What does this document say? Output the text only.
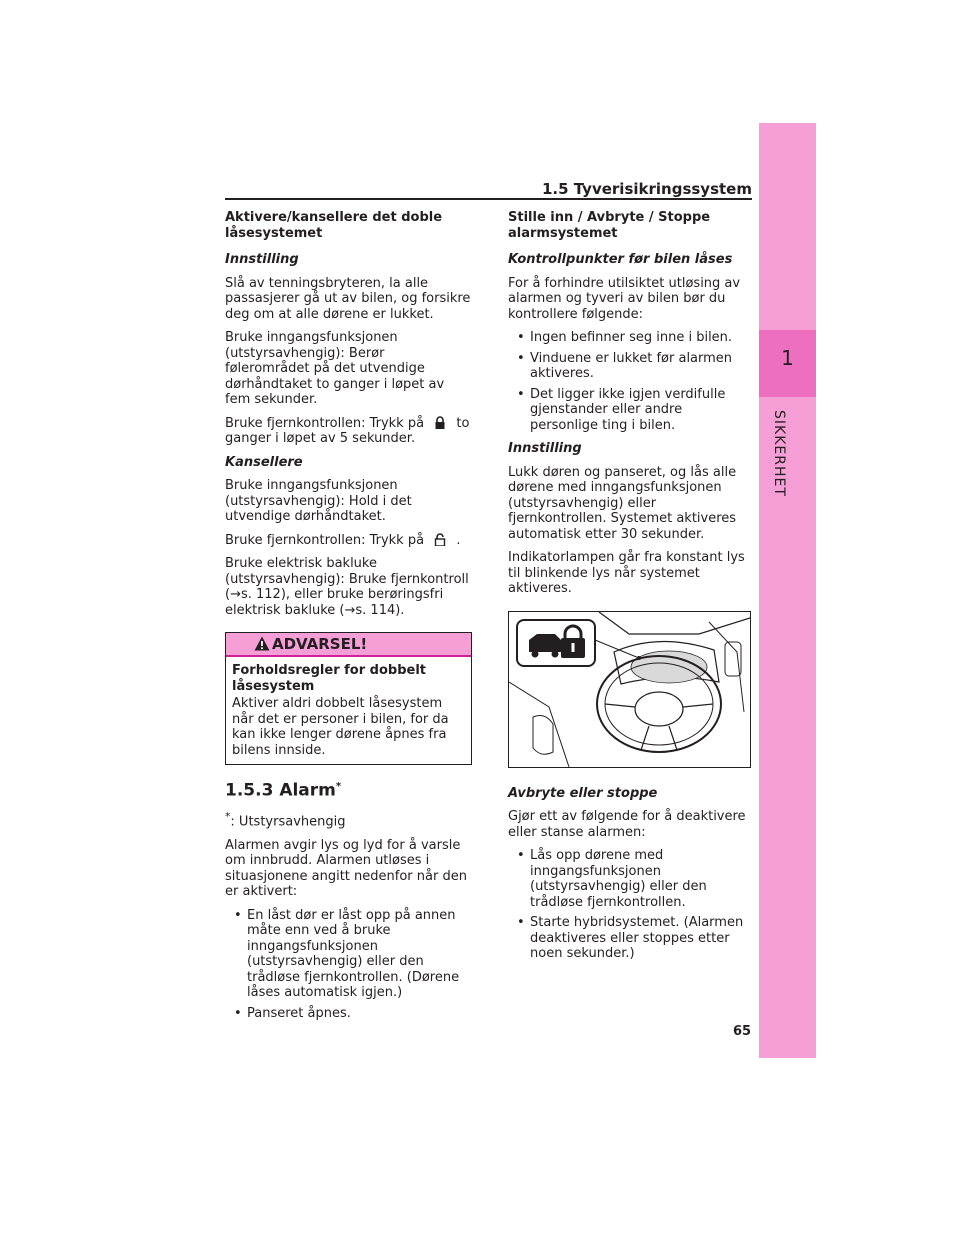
1
SIKKERHET
1.5 Tyverisikringssystem
Aktivere/kansellere det doble låsesystemet
Innstilling

Slå av tenningsbryteren, la alle passasjerer gå ut av bilen, og forsikre deg om at alle dørene er lukket.

Bruke inngangsfunksjonen (utstyrsavhengig): Berør følerområdet på det utvendige dørhåndtaket to ganger i løpet av fem sekunder.

Bruke fjernkontrollen: Trykk på to ganger i løpet av 5 sekunder.

Kansellere

Bruke inngangsfunksjonen (utstyrsavhengig): Hold i det utvendige dørhåndtaket.

Bruke fjernkontrollen: Trykk på .

Bruke elektrisk bakluke (utstyrsavhengig): Bruke fjernkontroll (→s. 112), eller bruke berøringsfri elektrisk bakluke (→s. 114).

ADVARSEL!
Forholdsregler for dobbelt låsesystem

Aktiver aldri dobbelt låsesystem når det er personer i bilen, for da kan ikke lenger dørene åpnes fra bilens innside.

1.5.3 Alarm*

*: Utstyrsavhengig

Alarmen avgir lys og lyd for å varsle om innbrudd. Alarmen utløses i situasjonene angitt nedenfor når den er aktivert:

• En låst dør er låst opp på annen måte enn ved å bruke inngangsfunksjonen (utstyrsavhengig) eller den trådløse fjernkontrollen. (Dørene låses automatisk igjen.)
• Panseret åpnes.
Stille inn / Avbryte / Stoppe alarmsystemet
Kontrollpunkter før bilen låses

For å forhindre utilsiktet utløsing av alarmen og tyveri av bilen bør du kontrollere følgende:

• Ingen befinner seg inne i bilen.
• Vinduene er lukket før alarmen aktiveres.
• Det ligger ikke igjen verdifulle gjenstander eller andre personlige ting i bilen.
Innstilling

Lukk døren og panseret, og lås alle dørene med inngangsfunksjonen (utstyrsavhengig) eller fjernkontrollen. Systemet aktiveres automatisk etter 30 sekunder.

Indikatorlampen går fra konstant lys til blinkende lys når systemet aktiveres.

Avbryte eller stoppe

Gjør ett av følgende for å deaktivere eller stanse alarmen:

• Lås opp dørene med inngangsfunksjonen (utstyrsavhengig) eller den trådløse fjernkontrollen.
• Starte hybridsystemet. (Alarmen deaktiveres eller stoppes etter noen sekunder.)
65
